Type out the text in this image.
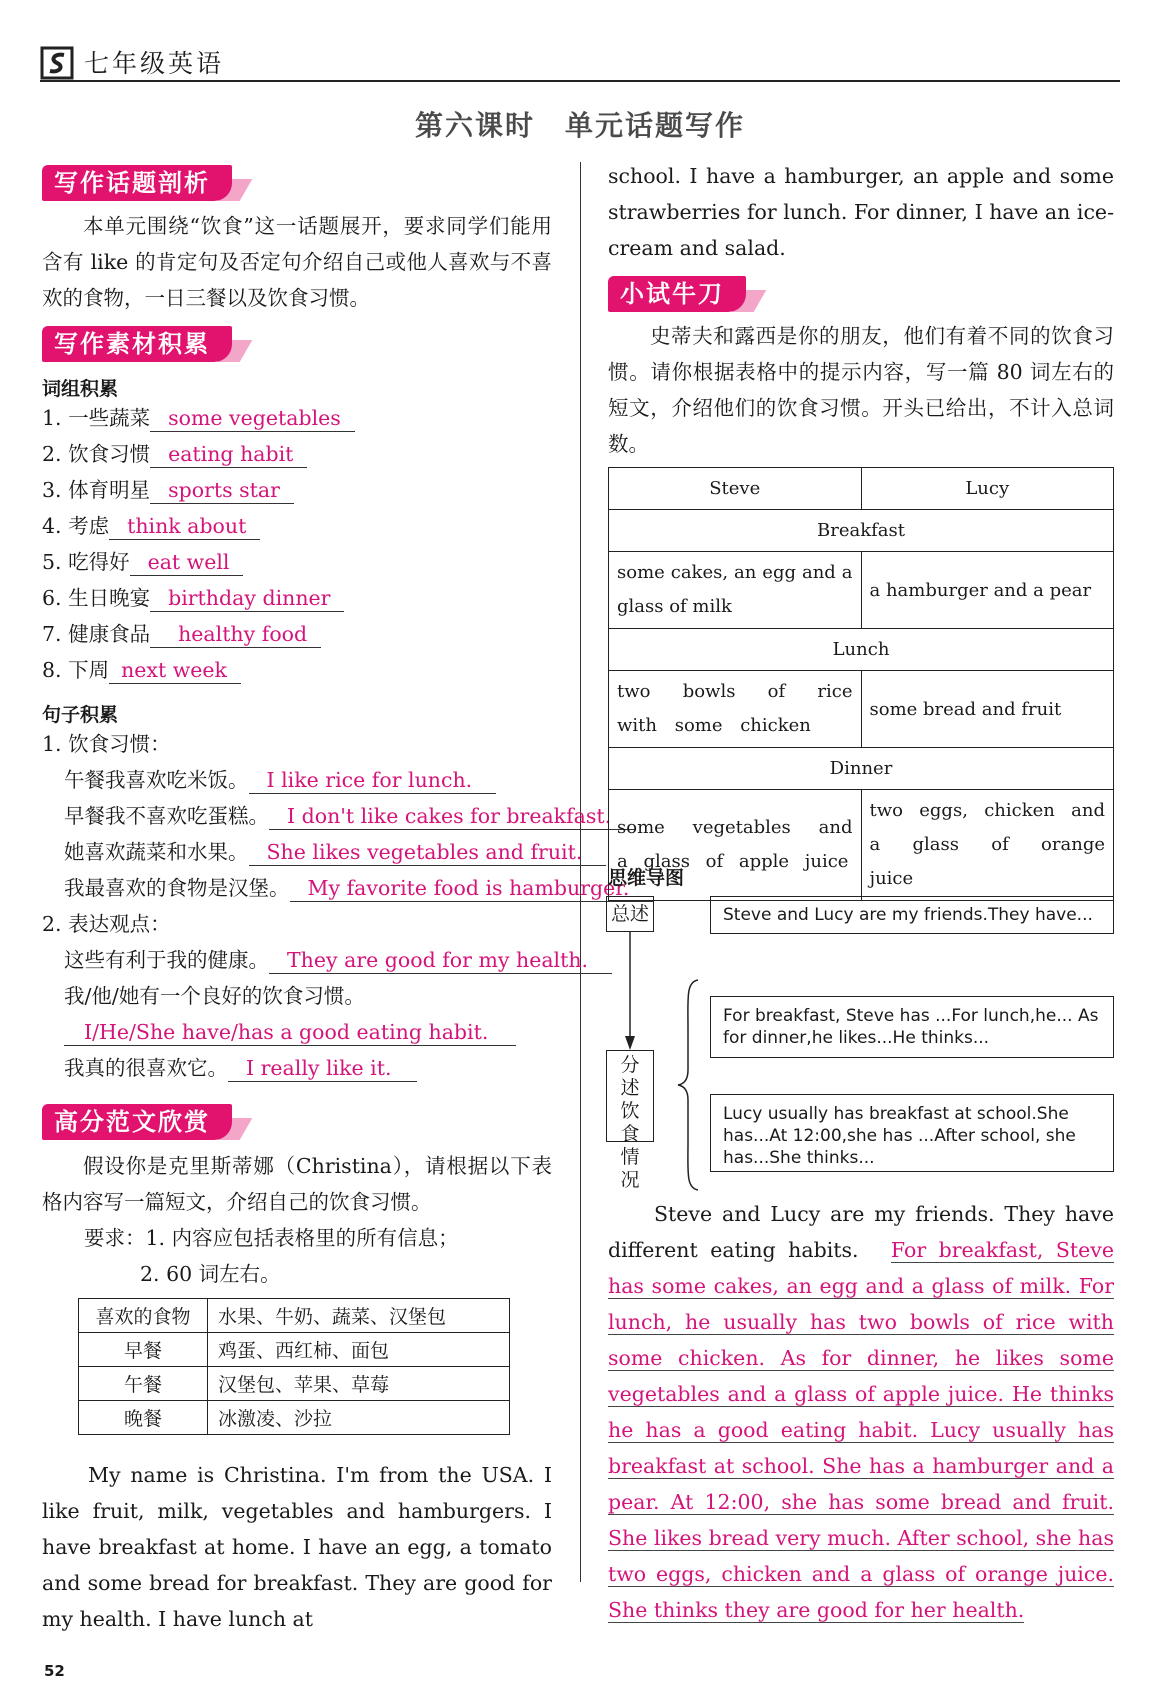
七年级英语
第六课时　单元话题写作
写作话题剖析
本单元围绕“饮食”这一话题展开，要求同学们能用含有 like 的肯定句及否定句介绍自己或他人喜欢与不喜欢的食物，一日三餐以及饮食习惯。
写作素材积累
词组积累
1. 一些蔬菜 some vegetables
2. 饮食习惯 eating habit
3. 体育明星 sports star
4. 考虑 think about
5. 吃得好 eat well
6. 生日晚宴 birthday dinner
7. 健康食品 healthy food
8. 下周 next week
句子积累
1. 饮食习惯：
午餐我喜欢吃米饭。 I like rice for lunch.
早餐我不喜欢吃蛋糕。 I don't like cakes for breakfast.
她喜欢蔬菜和水果。 She likes vegetables and fruit.
我最喜欢的食物是汉堡。 My favorite food is hamburger.
2. 表达观点：
这些有利于我的健康。 They are good for my health.
我/他/她有一个良好的饮食习惯。
I/He/She have/has a good eating habit.
我真的很喜欢它。 I really like it.
高分范文欣赏
假设你是克里斯蒂娜（Christina），请根据以下表格内容写一篇短文，介绍自己的饮食习惯。
要求：1. 内容应包括表格里的所有信息；
2. 60 词左右。
喜欢的食物	水果、牛奶、蔬菜、汉堡包
早餐	鸡蛋、西红柿、面包
午餐	汉堡包、苹果、草莓
晚餐	冰激凌、沙拉
My name is Christina. I'm from the USA. I like fruit, milk, vegetables and hamburgers. I have breakfast at home. I have an egg, a tomato and some bread for breakfast. They are good for my health. I have lunch at
school. I have a hamburger, an apple and some strawberries for lunch. For dinner, I have an ice-cream and salad.
小试牛刀
史蒂夫和露西是你的朋友，他们有着不同的饮食习惯。请你根据表格中的提示内容，写一篇 80 词左右的短文，介绍他们的饮食习惯。开头已给出，不计入总词数。
Steve	Lucy
Breakfast	
some cakes, an egg and a glass of milk	a hamburger and a pear
Lunch	
two bowls of rice with some chicken	some bread and fruit
Dinner	
some vegetables and a glass of apple juice	two eggs, chicken and a glass of orange juice
思维导图
总述	Steve and Lucy are my friends.They have...
分述饮食情况
For breakfast, Steve has ...For lunch,he... As for dinner,he likes...He thinks...
Lucy usually has breakfast at school.She has...At 12:00,she has ...After school, she has...She thinks...
Steve and Lucy are my friends. They have different eating habits.　 For breakfast, Steve has some cakes, an egg and a glass of milk. For lunch, he usually has two bowls of rice with some chicken. As for dinner, he likes some vegetables and a glass of apple juice. He thinks he has a good eating habit. Lucy usually has breakfast at school. She has a hamburger and a pear. At 12:00, she has some bread and fruit. She likes bread very much. After school, she has two eggs, chicken and a glass of orange juice. She thinks they are good for her health.
52
